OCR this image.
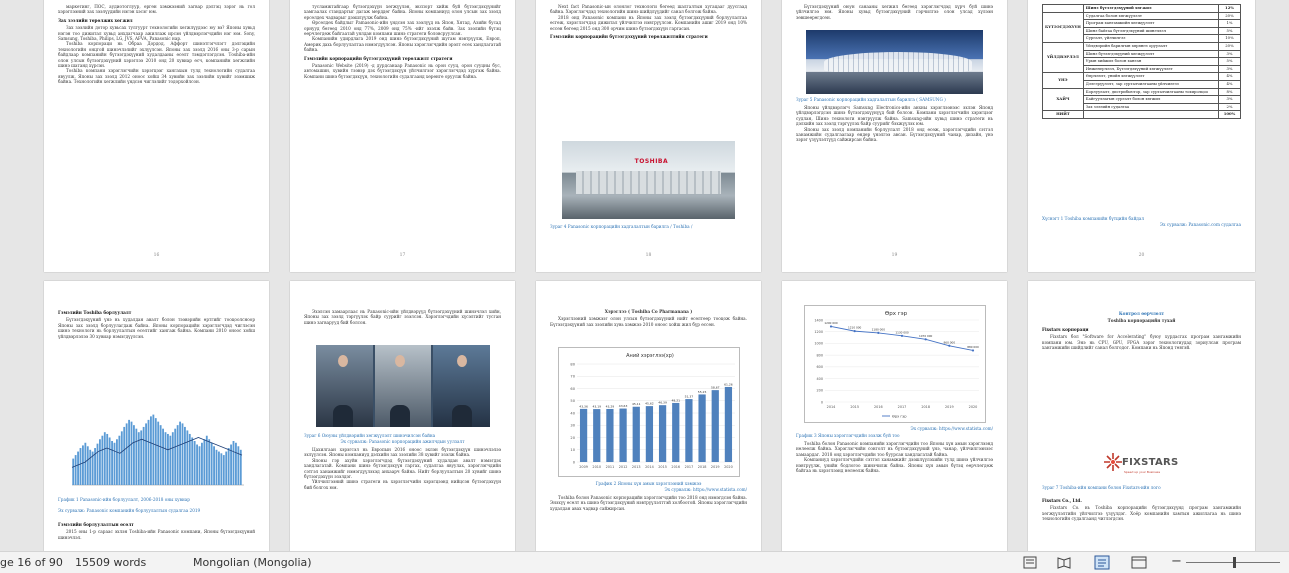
маркетинг, ПОС, аудиотоглуур, өргөн хэмжээний загвар дэлгэц зэрэг нь гол хэрэглээний зах зээлүүдийн нэгэн хэсэг юм.

Зах зээлийн төрөлжих хөгжил

Зах зээлийн дотор хувьсах тулгуурт технологийн хөгжлүүдээс юу вэ? Японы хувьд нэгэн тоо дижитал хувьд анхдагчаар ажиллаж ирсэн үйлдвэрлэгчдийн нэг юм. Sony, Samsung, Toshiba, Philips, LG, JVS, AFVA, Panasonic нар.

Тоshiba корпораци нь Обраа Дордод, Аффорт шинэтгэгчлэгт дэлгэцийн технологийн онцгой шинэчлэлийг эхлүүлсэн. Японы зах зээлд 2016 оны 3-р сарын байдлаар компанийн бүтээгдэхүүний худалдааны өсөлт тэмдэглэгдсэн. Тоshiba-ийн олон улсын бүтээгдэхүүний хэрэглээ 2010 онд 20 хувиар өсч, компанийн хөгжлийн шинэ шатанд хүрсэн.

Тоshiba компани хэрэглэгчийн хэрэгцээг хангахын тулд технологийн судалгаа явуулж, Японы зах зээлд 2012 оноос хойш 34 хувийн зах зээлийн хувийг эзэмшиж байна. Технологийн хөгжлийн үндсэн чиглэлийг тодорхойлсон.

16

тусламжтайгаар бүтээгдэхүүн хөгжүүлэн, экспорт хийж буй бүтээгдэхүүнийг хамгаалах стандартыг дагаж мөрддөг байна. Японы компаниуд олон улсын зах зээлд өрсөлдөх чадварыг дээшлүүлж байна.

Өрсөлдөх байдлыг Рamasonic-ийн үндсэн зах зээлүүд нь Япон, Хятад, Азийн бусад орнууд бөгөөд 2010 онд 77%, 2009 онд 75% -ийг эзэлж байв. Зах зээлийн бүтэц өөрчлөгдөж байгаатай уялдан компани шинэ стратеги боловсруулсан.

Компанийн удирдлага 2019 онд шинэ бүтээгдэхүүний шугам нэвтрүүлж, Европ, Америк дахь борлуулалтаа нэмэгдүүлсэн. Японы хэрэглэгчдийн эрэлт өсөх хандлагатай байна.

Гэмэлийн корпорацийн бүтээгдэхүүний төрөлжилт стратеги

Рanasonic Website (2019) -д дурдсанаар Рanasonic нь орон сууц, орон сууцны бус, автомашин, хувийн тээвэр дэх бүтээгдэхүүн үйлчилгээг хэрэглэгчдэд хүргэж байна. Компани шинэ бүтээгдэхүүн, технологийн судалгаанд хөрөнгө оруулж байна.

17

Next fact Panasonic-ын олонлог технологи бөгөөд шалгалтын хугацааг дуусгаад байна. Хэрэглэгчдэд технологийн шинэ шийдлүүдийг санал болгож байна.

2018 онд Рanasonic компани нь Японы зах зээлд бүтээгдэхүүний борлуулалтаа өсгөж, хэрэглэгчдэд дижитал үйлчилгээ нэвтрүүлсэн. Компанийн ашиг 2019 онд 10% өссөн бөгөөд 2015 онд 300 орчим шинэ бүтээгдэхүүн гаргасан.

Гэмэлийн корпорацийн бүтээгдэхүүний төрөлжилтийн стратеги

TOSHIBA
Зураг 4 Рanasonic корпорацийн хадгалалтын барилга / Тoshiba /
18

Бүтээгдэхүүний оюун санааны хөгжил бөгөөд хэрэглэгчдэд хүрч буй шинэ үйлчилгээ юм. Японы хувьд бүтээгдэхүүний гэрчилгээ олон улсад хүлээн зөвшөөрөгдсөн.

Зураг 5 Рanasonic корпорацийн хадгалалтын барилга ( SAMSUNG )

Японы үйлдвэрлэгч Samsung Electronics-ийн анхны хэрэглээнээс эхлэн Японд үйлдвэрлэгдсэн шинэ бүтээгдэхүүнүүд бий болсон. Компани хэрэглэгчийн хэрэгцээг судлан, Шинэ технологи нэвтрүүлж байна. Samsung-ийн хувьд шинэ стратеги нь дэлхийн зах зээлд тэргүүлэх байр суурийг бэхжүүлэх юм.

Японы зах зээлд компанийн борлуулалт 2018 онд өсөж, хэрэглэгчдийн сэтгэл ханамжийн судалгаагаар өндөр үнэлгээ авсан. Бүтээгдэхүүний чанар, дизайн, үнэ зэрэг үзүүлэлтүүд сайжирсан байна.

19
	Шинэ бүтээгдэхүүний хөгжил	12%
БҮТЭЭГДЭХҮҮН	Судалгаа болон хөгжүүлэлт	20%
	Програм хангамжийн хөгжүүлэлт	1%
	Шинэ байгаа бүтээгдэхүүний шинэчлэл	5%
	Сургалт, үйлчилгээ	10%
ҮЙЛДВЭРЛЭЛ	Үйлдвэрийн барилгын хөрөнгө оруулалт	20%
	Шинэ бүтээгдэхүүний хөгжүүлэлт	3%
	Урын хийжил болон ханган	5%
	Инженерчлэл, Бүтээгдэхүүний хөгжүүлэлт	3%
ҮНЭ	Өөрчлөлт, үнийн хөгжүүлэлт	4%
	Дэлгэрүүлэлт, зар сурталчилгааны үйлчилгээ	4%
ХАЙЧ	Борлуулалт, дистрибьютор, зар сурталчилгааны тохиролцоо	8%
	Байгууллагын сургалт болон хөгжил	3%
	Зах зээлийн судалгаа	2%
НИЙТ		100%
Хүснэгт 1 Тоshiba компанийн бүтцийн байдал
Эх сурвалж: Panasonic.com судалгаа
20

Гэмэлийн Тоshiba борлуулалт

Бүтээгдэхүүний үнэ нь худалдан авалт болон тээвэрийн өртгийг тооцоолсноор Японы зах зээлд борлуулагдаж байна. Японы корпорацийн хэрэглэгчдэд чиглэсэн шинэ технологи нь борлуулалтын өсөлтийг хангаж байна. Компани 2010 оноос хойш үйлдвэрлэлээ 30 хувиар нэмэгдүүлсэн.

График 1 Рanasonic-ийн борлуулалт, 2006-2018 оны хувиар
Эх сурвалж: Рanasonic компанийн борлуулалтын судалгаа 2019

Гэмэлийн борлуулалтын өсөлт

2015 оны 1-р сараас эхлэн Тоshiba-ийн Рanasonic компани, Японы бүтээгдэхүүний шинэчлэл.

Эхэлсэн хамаарлаас нь Рanasonic-ийн үйлдвэрүүд бүтээгдэхүүний шинэчлэл хийн, Японы зах зээлд тэргүүлэх байр суурийг эзэлсэн. Хэрэглэгчдийн хүсэлтийг тусган шинэ загварууд бий болсон.

Зураг 6 Оюуны үйлдвэрийн хөгжүүлэлт шинэчилсэн байна
Эх сурвалж: Рanasonic корпорацийн ажилчдын уулзалт

Цахилгаан хэрэгсэл нь Европын 2016 оноос эхлэн бүтээгдэхүүн шинэчлэлээ эхлүүлсэн. Японы компаниуд дэлхийн зах зээлийн 38 хувийг эзэлж байна.

Японы гэр ахуйн хэрэглэгчдэд бүтээгдэхүүний худалдан авалт нэмэгдэх хандлагатай. Компани шинэ бүтээгдэхүүн гаргах, судалгаа явуулах, хэрэглэгчдийн сэтгэл ханамжийг нэмэгдүүлэхэд анхаарч байна. Нийт борлуулалтын 20 хувийг шинэ бүтээгдэхүүн эзэлдэг.

Үйлчилгээний шинэ стратеги нь хэрэглэгчийн хэрэгцээнд нийцсэн бүтээгдэхүүн бий болгох юм.

Хэрэглээ ( Тоshiba Co Pharmanana )

Хэрэглээний хэмжээг олон улсын бүтээгдэхүүний нийт өсөлтөөр тооцож байна. Бүтээгдэхүүний зах зээлийн хувь хэмжээ 2010 оноос хойш жил бүр өссөн.

Аний хэрэглээ(хр)
0
10
20
30
40
50
60
70
80
43,36
2009
43,19
2010
43,29
2011
43,63
2012
45,11
2013
45,62
2014
46,39
2015
48,21
2016
51,37
2017
55,15
2018
58,67
2019
61,26
2020
График 2 Японы хүн амын хэрэглээний хэмжээ
Эх сурвалж: https://www.statista.com/

Тоshiba болон Рanasonic корпорацийн хэрэглэгчдийн тоо 2018 онд нэмэгдсэн байна. Энэхүү өсөлт нь шинэ бүтээгдэхүүний нэвтрүүлэлттэй холбоотой. Японы хэрэглэгчдийн худалдан авах чадвар сайжирсан.

Өрх гэр
1400
1200
1000
800
600
400
200
0
1290 000
2014
1210 000
2015
1180 000
2016
1130 000
2017
1070 000
2018
960 000
2019
880 000
2020
Өрх гэр
Эх сурвалж: https://www.statista.com/
График 3 Японы хэрэглэгчдийн эзэлж буй тоо

Тоshiba болон Рanasonic компанийн хэрэглэгчдийн тоо Японы хүн амын хэрэглээнд нөлөөлж байна. Хэрэглэгчийн сонголт нь бүтээгдэхүүний үнэ, чанар, үйлчилгээнээс хамаардаг. 2018 онд хэрэглэгчдийн тоо буурсан хандлагатай байна.

Компаниуд хэрэглэгчдийн сэтгэл ханамжийг дээшлүүлэхийн тулд шинэ үйлчилгээ нэвтрүүлж, үнийн бодлогоо шинэчилж байна. Японы хүн амын бүтэц өөрчлөгдөж байгаа нь хэрэглээнд нөлөөлж байна.

Контрол өөрчлөлт

Тоshiba корпорацийн тухай

Fixstars корпораци

Fixstars бол "Software for Accelerating" буюу хурдасгах програм хангамжийн компани юм. Энэ нь CPU, GPU, FPGA зэрэг технологиудад зориулсан програм хангамжийн шийдлийг санал болгодог. Компани нь Японд төвтэй.

FIXSTARS
Speed up your Business
Зураг 7 Тоshiba-ийн компани болон Fixstars-ийн лого

Fixstars Co., Ltd.

Fixstars Co. нь Тоshiba корпорацийн бүтээгдэхүүнд програм хангамжийн хөгжүүлэлтийн үйлчилгээ үзүүлдэг. Хоёр компанийн хамтын ажиллагаа нь шинэ технологийн судалгаанд чиглэгдсэн.

ge 16 of 90 15509 words	Mongolian (Mongolia)	−
